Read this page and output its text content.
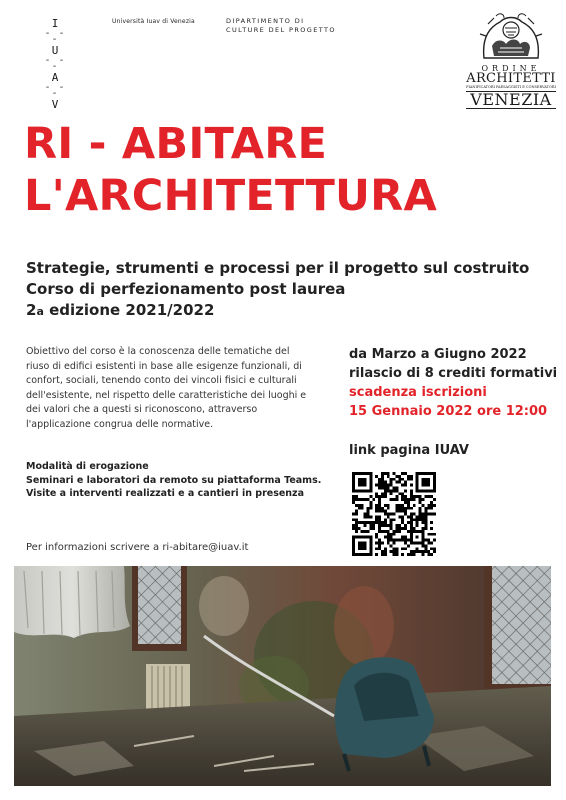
I
- - -
U
- - -
A
- - -
V
Università Iuav di Venezia	DIPARTIMENTO DI
CULTURE DEL PROGETTO
ORDINE
ARCHITETTI
PIANIFICATORI PAESAGGISTI E CONSERVATORI
VENEZIA
RI - ABITARE
L'ARCHITETTURA
Strategie, strumenti e processi per il progetto sul costruito
Corso di perfezionamento post laurea
2a edizione 2021/2022
Obiettivo del corso è la conoscenza delle tematiche del
riuso di edifici esistenti in base alle esigenze funzionali, di
confort, sociali, tenendo conto dei vincoli fisici e culturali
dell'esistente, nel rispetto delle caratteristiche dei luoghi e
dei valori che a questi si riconoscono, attraverso
l'applicazione congrua delle normative.
da Marzo a Giugno 2022
rilascio di 8 crediti formativi
scadenza iscrizioni
15 Gennaio 2022 ore 12:00
link pagina IUAV
Modalità di erogazione
Seminari e laboratori da remoto su piattaforma Teams.
Visite a interventi realizzati e a cantieri in presenza
Per informazioni scrivere a ri-abitare@iuav.it
